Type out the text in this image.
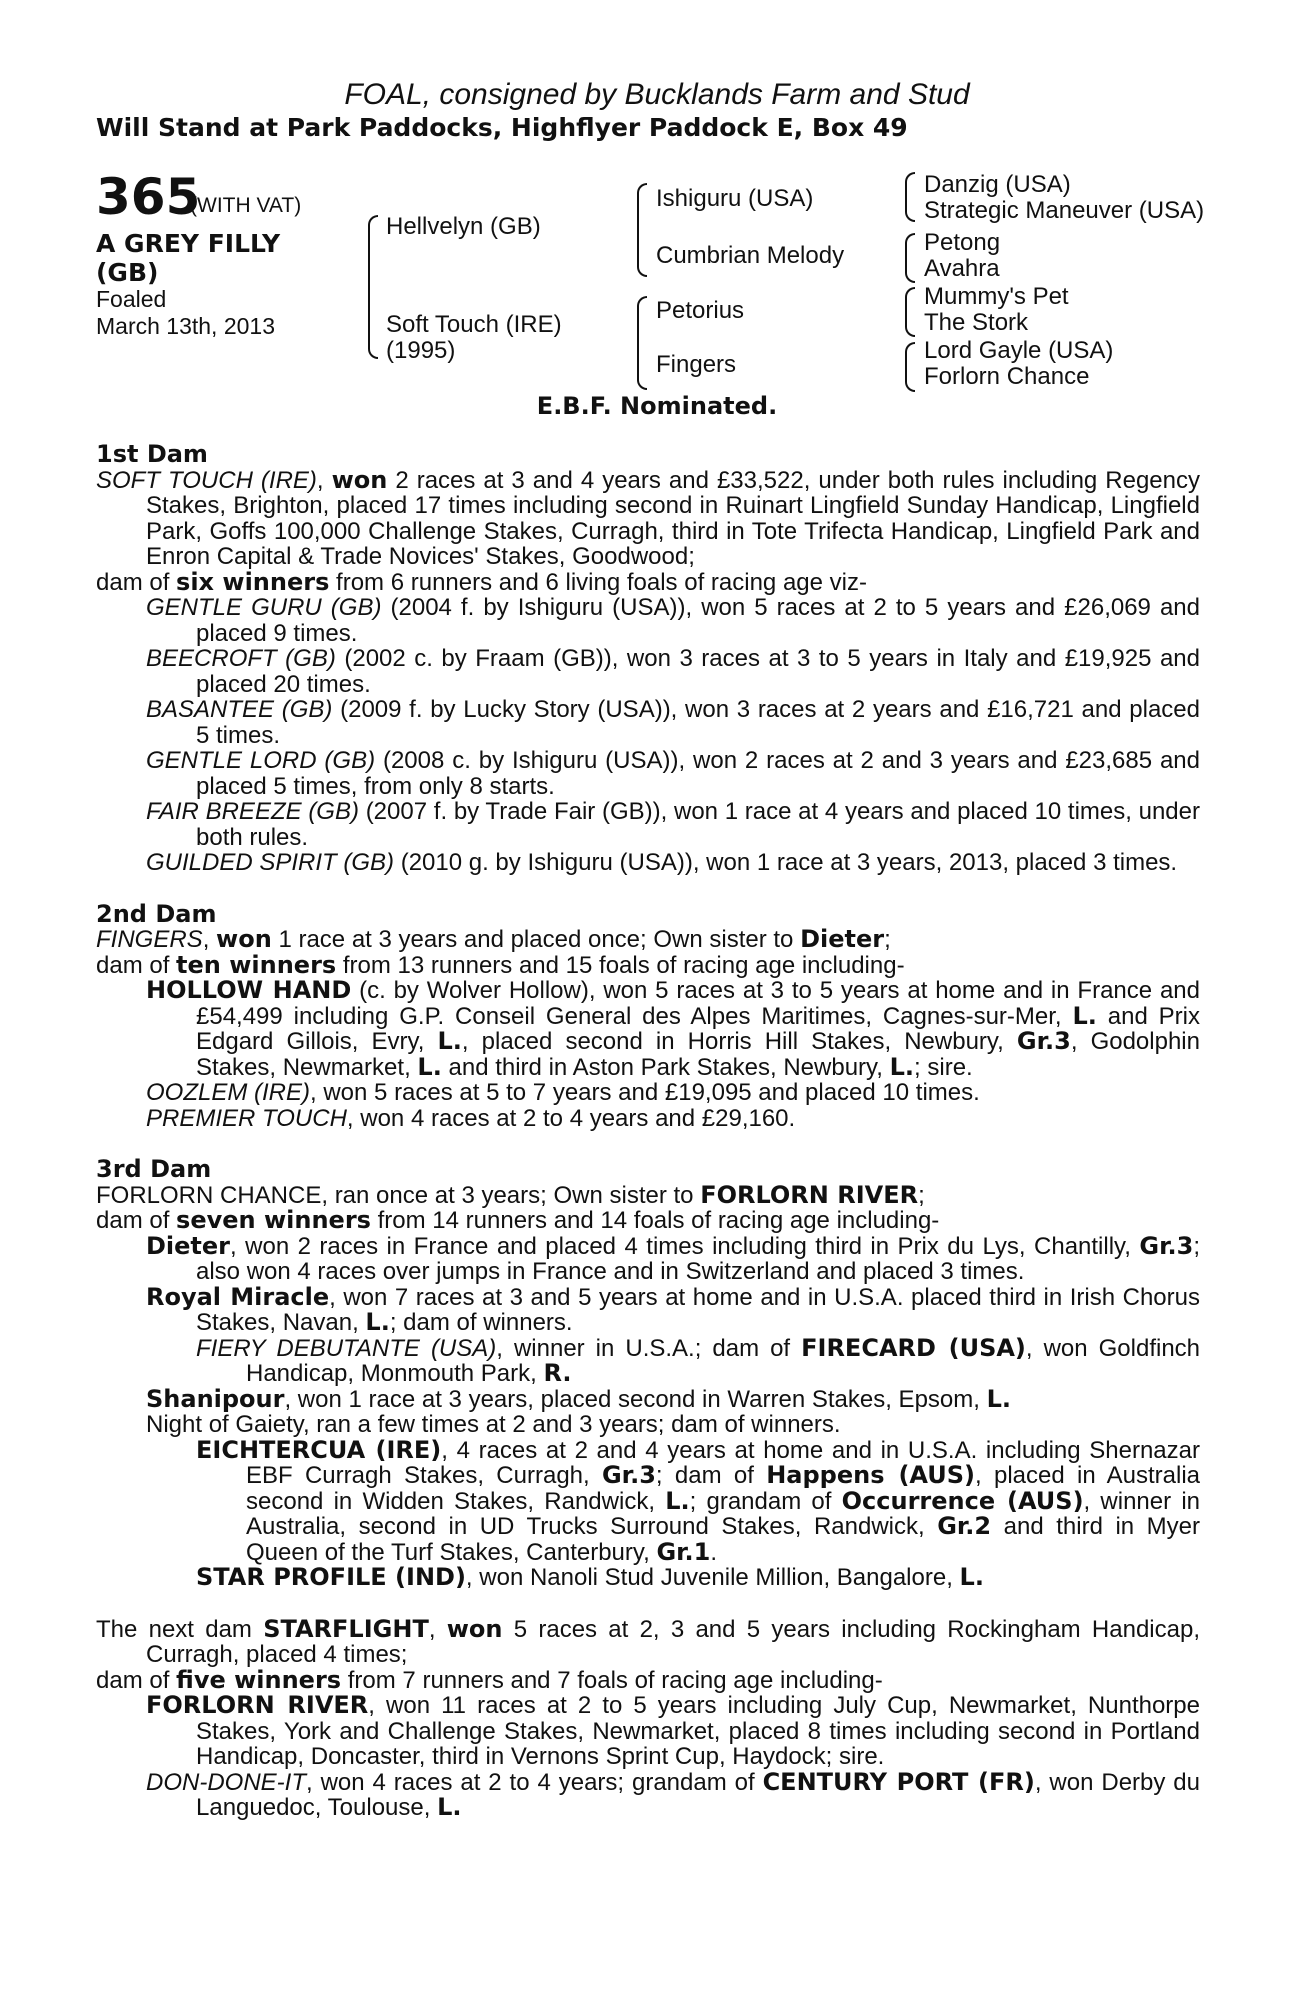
FOAL, consigned by Bucklands Farm and Stud
Will Stand at Park Paddocks, Highflyer Paddock E, Box 49
365
(WITH VAT)
A GREY FILLY (GB)
Foaled
March 13th, 2013
Hellvelyn (GB)
Soft Touch (IRE)
(1995)
Ishiguru (USA)
Cumbrian Melody
Petorius
Fingers
Danzig (USA)
Strategic Maneuver (USA)
Petong
Avahra
Mummy's Pet
The Stork
Lord Gayle (USA)
Forlorn Chance
E.B.F. Nominated.
1st Dam

SOFT TOUCH (IRE), won 2 races at 3 and 4 years and £33,522, under both rules including Regency Stakes, Brighton, placed 17 times including second in Ruinart Lingfield Sunday Handicap, Lingfield Park, Goffs 100,000 Challenge Stakes, Curragh, third in Tote Trifecta Handicap, Lingfield Park and Enron Capital & Trade Novices' Stakes, Goodwood;

dam of six winners from 6 runners and 6 living foals of racing age viz-

GENTLE GURU (GB) (2004 f. by Ishiguru (USA)), won 5 races at 2 to 5 years and £26,069 and placed 9 times.

BEECROFT (GB) (2002 c. by Fraam (GB)), won 3 races at 3 to 5 years in Italy and £19,925 and placed 20 times.

BASANTEE (GB) (2009 f. by Lucky Story (USA)), won 3 races at 2 years and £16,721 and placed 5 times.

GENTLE LORD (GB) (2008 c. by Ishiguru (USA)), won 2 races at 2 and 3 years and £23,685 and placed 5 times, from only 8 starts.

FAIR BREEZE (GB) (2007 f. by Trade Fair (GB)), won 1 race at 4 years and placed 10 times, under both rules.

GUILDED SPIRIT (GB) (2010 g. by Ishiguru (USA)), won 1 race at 3 years, 2013, placed 3 times.

2nd Dam

FINGERS, won 1 race at 3 years and placed once; Own sister to Dieter;

dam of ten winners from 13 runners and 15 foals of racing age including-

HOLLOW HAND (c. by Wolver Hollow), won 5 races at 3 to 5 years at home and in France and £54,499 including G.P. Conseil General des Alpes Maritimes, Cagnes-sur-Mer, L. and Prix Edgard Gillois, Evry, L., placed second in Horris Hill Stakes, Newbury, Gr.3, Godolphin Stakes, Newmarket, L. and third in Aston Park Stakes, Newbury, L.; sire.

OOZLEM (IRE), won 5 races at 5 to 7 years and £19,095 and placed 10 times.

PREMIER TOUCH, won 4 races at 2 to 4 years and £29,160.

3rd Dam

FORLORN CHANCE, ran once at 3 years; Own sister to FORLORN RIVER;

dam of seven winners from 14 runners and 14 foals of racing age including-

Dieter, won 2 races in France and placed 4 times including third in Prix du Lys, Chantilly, Gr.3; also won 4 races over jumps in France and in Switzerland and placed 3 times.

Royal Miracle, won 7 races at 3 and 5 years at home and in U.S.A. placed third in Irish Chorus Stakes, Navan, L.; dam of winners.

FIERY DEBUTANTE (USA), winner in U.S.A.; dam of FIRECARD (USA), won Goldfinch Handicap, Monmouth Park, R.

Shanipour, won 1 race at 3 years, placed second in Warren Stakes, Epsom, L.

Night of Gaiety, ran a few times at 2 and 3 years; dam of winners.

EICHTERCUA (IRE), 4 races at 2 and 4 years at home and in U.S.A. including Shernazar EBF Curragh Stakes, Curragh, Gr.3; dam of Happens (AUS), placed in Australia second in Widden Stakes, Randwick, L.; grandam of Occurrence (AUS), winner in Australia, second in UD Trucks Surround Stakes, Randwick, Gr.2 and third in Myer Queen of the Turf Stakes, Canterbury, Gr.1.

STAR PROFILE (IND), won Nanoli Stud Juvenile Million, Bangalore, L.

The next dam STARFLIGHT, won 5 races at 2, 3 and 5 years including Rockingham Handicap, Curragh, placed 4 times;

dam of five winners from 7 runners and 7 foals of racing age including-

FORLORN RIVER, won 11 races at 2 to 5 years including July Cup, Newmarket, Nunthorpe Stakes, York and Challenge Stakes, Newmarket, placed 8 times including second in Portland Handicap, Doncaster, third in Vernons Sprint Cup, Haydock; sire.

DON-DONE-IT, won 4 races at 2 to 4 years; grandam of CENTURY PORT (FR), won Derby du Languedoc, Toulouse, L.
